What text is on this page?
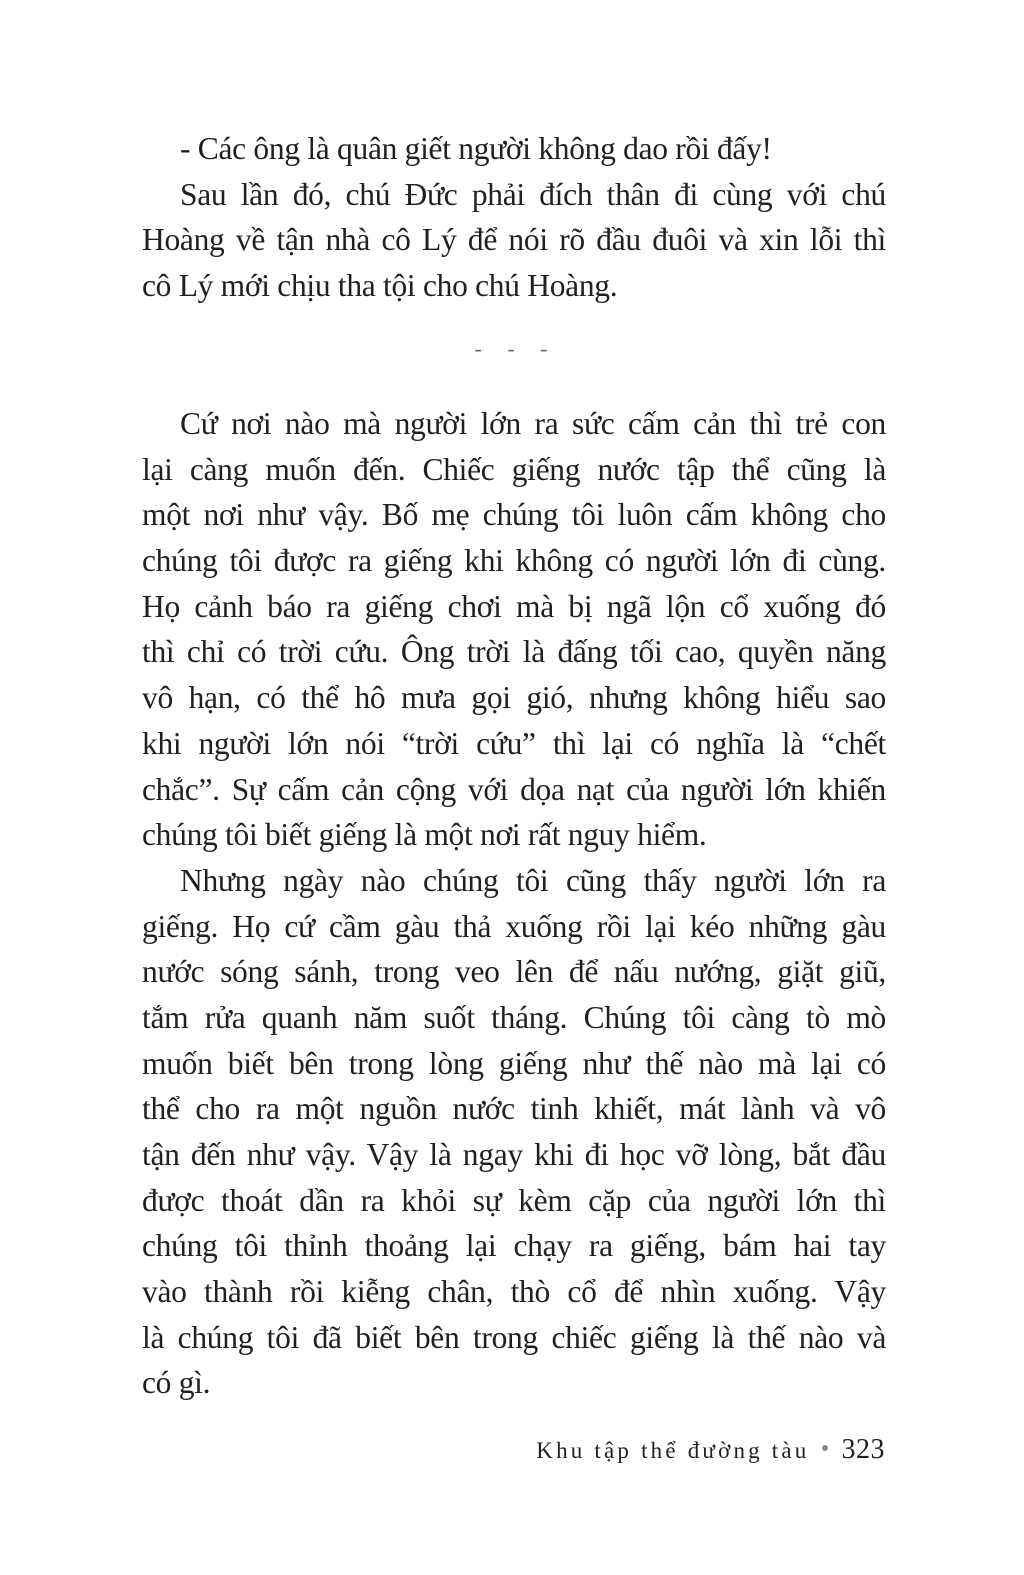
- Các ông là quân giết người không dao rồi đấy!
Sau lần đó, chú Đức phải đích thân đi cùng với chú
Hoàng về tận nhà cô Lý để nói rõ đầu đuôi và xin lỗi thì
cô Lý mới chịu tha tội cho chú Hoàng.
- - -
Cứ nơi nào mà người lớn ra sức cấm cản thì trẻ con
lại càng muốn đến. Chiếc giếng nước tập thể cũng là
một nơi như vậy. Bố mẹ chúng tôi luôn cấm không cho
chúng tôi được ra giếng khi không có người lớn đi cùng.
Họ cảnh báo ra giếng chơi mà bị ngã lộn cổ xuống đó
thì chỉ có trời cứu. Ông trời là đấng tối cao, quyền năng
vô hạn, có thể hô mưa gọi gió, nhưng không hiểu sao
khi người lớn nói “trời cứu” thì lại có nghĩa là “chết
chắc”. Sự cấm cản cộng với dọa nạt của người lớn khiến
chúng tôi biết giếng là một nơi rất nguy hiểm.
Nhưng ngày nào chúng tôi cũng thấy người lớn ra
giếng. Họ cứ cầm gàu thả xuống rồi lại kéo những gàu
nước sóng sánh, trong veo lên để nấu nướng, giặt giũ,
tắm rửa quanh năm suốt tháng. Chúng tôi càng tò mò
muốn biết bên trong lòng giếng như thế nào mà lại có
thể cho ra một nguồn nước tinh khiết, mát lành và vô
tận đến như vậy. Vậy là ngay khi đi học vỡ lòng, bắt đầu
được thoát dần ra khỏi sự kèm cặp của người lớn thì
chúng tôi thỉnh thoảng lại chạy ra giếng, bám hai tay
vào thành rồi kiễng chân, thò cổ để nhìn xuống. Vậy
là chúng tôi đã biết bên trong chiếc giếng là thế nào và
có gì.
Khu tập thể đường tàu 323
